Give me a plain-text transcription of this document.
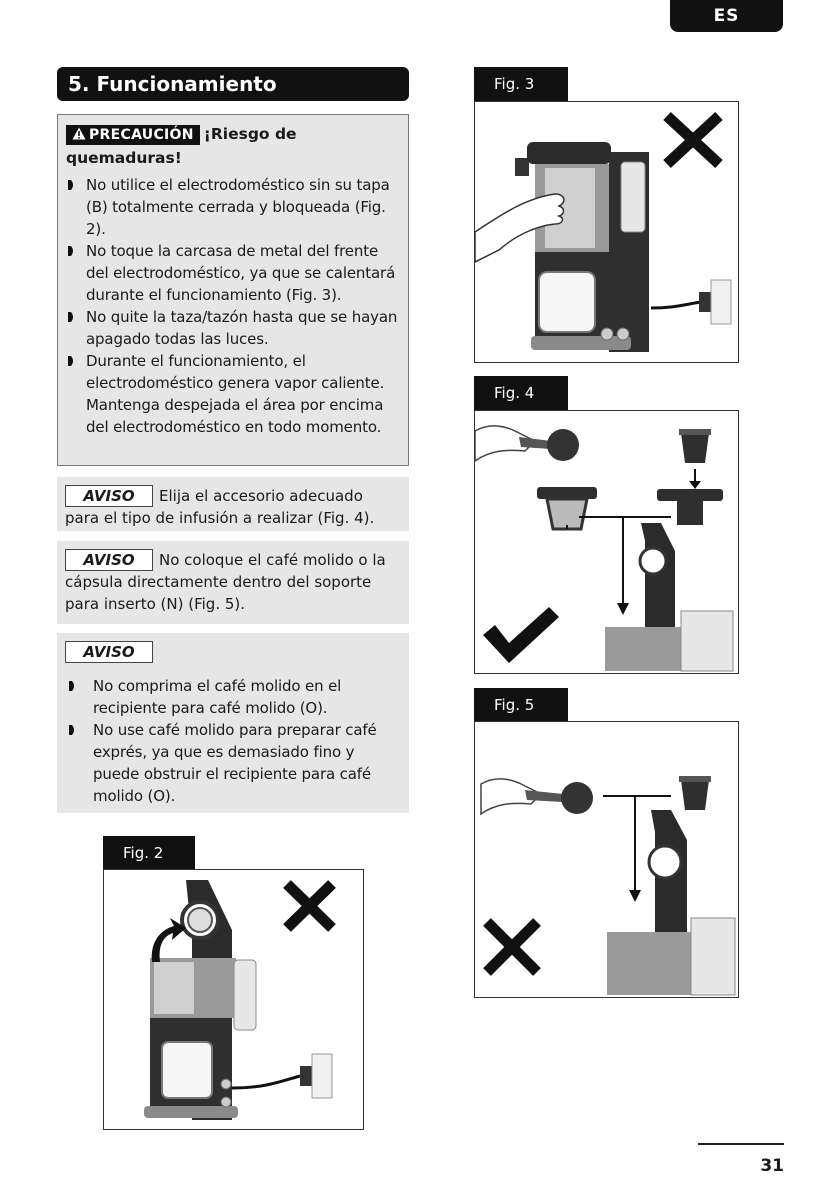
ES
5. Funcionamiento
PRECAUCIÓN ¡Riesgo de quemaduras!
No utilice el electrodoméstico sin su tapa (B) totalmente cerrada y bloqueada (Fig. 2).
No toque la carcasa de metal del frente del electrodoméstico, ya que se calentará durante el funcionamiento (Fig. 3).
No quite la taza/tazón hasta que se hayan apagado todas las luces.
Durante el funcionamiento, el electrodoméstico genera vapor caliente. Mantenga despejada el área por encima del electrodoméstico en todo momento.
AVISO Elija el accesorio adecuado para el tipo de infusión a realizar (Fig. 4).
AVISO No coloque el café molido o la cápsula directamente dentro del soporte para inserto (N) (Fig. 5).
AVISO
No comprima el café molido en el recipiente para café molido (O).
No use café molido para preparar café exprés, ya que es demasiado fino y puede obstruir el recipiente para café molido (O).
Fig. 2
Fig. 3
Fig. 4
Fig. 5
31
